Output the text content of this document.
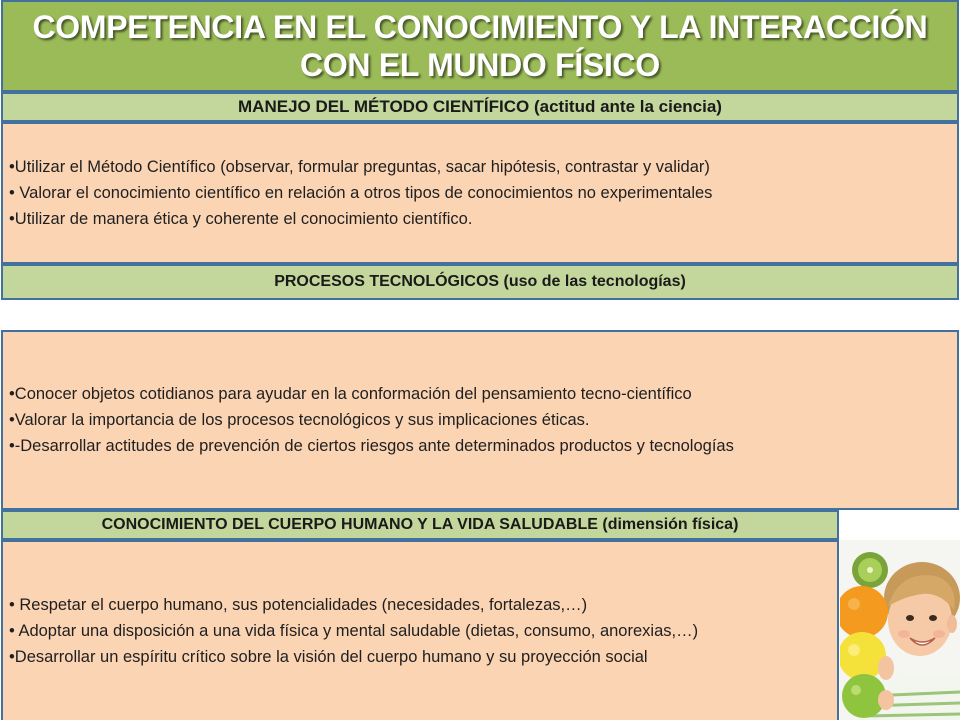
COMPETENCIA EN EL CONOCIMIENTO Y LA INTERACCIÓN
CON EL MUNDO FÍSICO
MANEJO DEL MÉTODO CIENTÍFICO (actitud ante la ciencia)
•Utilizar el Método Científico (observar, formular preguntas, sacar hipótesis, contrastar y validar)
• Valorar el conocimiento científico en relación a otros tipos de conocimientos no experimentales
•Utilizar de manera ética y coherente el conocimiento científico.
PROCESOS TECNOLÓGICOS (uso de las tecnologías)
•Conocer objetos cotidianos para ayudar en la conformación del pensamiento tecno-científico
•Valorar la importancia de los procesos tecnológicos y sus implicaciones éticas.
•-Desarrollar actitudes de prevención de ciertos riesgos ante determinados productos y tecnologías
CONOCIMIENTO DEL CUERPO HUMANO Y LA VIDA SALUDABLE (dimensión física)
• Respetar el cuerpo humano, sus potencialidades (necesidades, fortalezas,…)
• Adoptar una disposición a una vida física y mental saludable (dietas, consumo, anorexias,…)
•Desarrollar un espíritu crítico sobre la visión del cuerpo humano y su proyección social
